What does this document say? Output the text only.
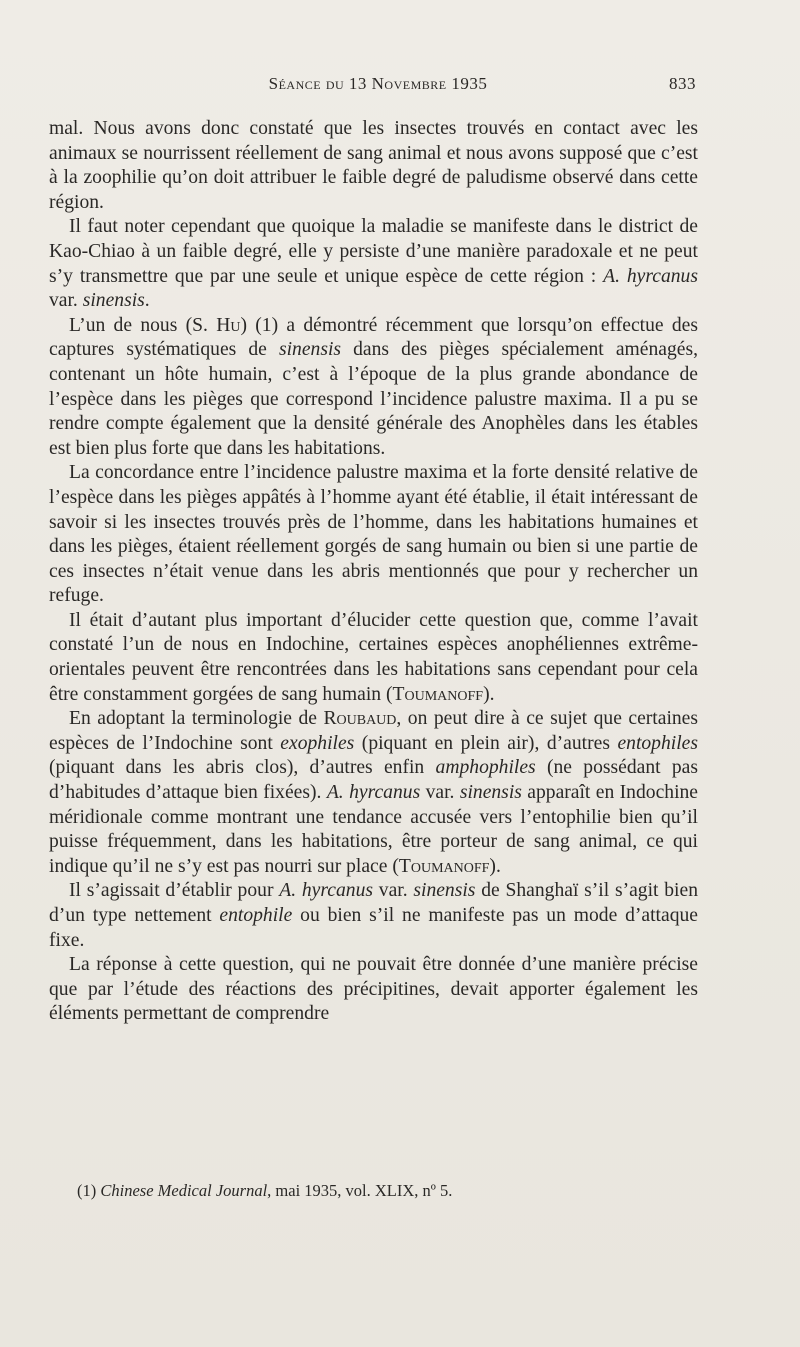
Séance du 13 Novembre 1935	833

mal. Nous avons donc constaté que les insectes trouvés en contact avec les animaux se nourrissent réellement de sang animal et nous avons supposé que c’est à la zoophilie qu’on doit attribuer le faible degré de paludisme observé dans cette région.

Il faut noter cependant que quoique la maladie se manifeste dans le district de Kao-Chiao à un faible degré, elle y persiste d’une manière paradoxale et ne peut s’y transmettre que par une seule et unique espèce de cette région : A. hyrcanus var. sinensis.

L’un de nous (S. Hu) (1) a démontré récemment que lorsqu’on effectue des captures systématiques de sinensis dans des pièges spécialement aménagés, contenant un hôte humain, c’est à l’époque de la plus grande abondance de l’espèce dans les pièges que correspond l’incidence palustre maxima. Il a pu se rendre compte également que la densité générale des Anophèles dans les étables est bien plus forte que dans les habitations.

La concordance entre l’incidence palustre maxima et la forte densité relative de l’espèce dans les pièges appâtés à l’homme ayant été établie, il était intéressant de savoir si les insectes trouvés près de l’homme, dans les habitations humaines et dans les pièges, étaient réellement gorgés de sang humain ou bien si une partie de ces insectes n’était venue dans les abris mentionnés que pour y rechercher un refuge.

Il était d’autant plus important d’élucider cette question que, comme l’avait constaté l’un de nous en Indochine, certaines espèces anophéliennes extrême-orientales peuvent être rencontrées dans les habitations sans cependant pour cela être constamment gorgées de sang humain (Toumanoff).

En adoptant la terminologie de Roubaud, on peut dire à ce sujet que certaines espèces de l’Indochine sont exophiles (piquant en plein air), d’autres entophiles (piquant dans les abris clos), d’autres enfin amphophiles (ne possédant pas d’habitudes d’attaque bien fixées). A. hyrcanus var. sinensis apparaît en Indochine méridionale comme montrant une tendance accusée vers l’entophilie bien qu’il puisse fréquemment, dans les habitations, être porteur de sang animal, ce qui indique qu’il ne s’y est pas nourri sur place (Toumanoff).

Il s’agissait d’établir pour A. hyrcanus var. sinensis de Shanghaï s’il s’agit bien d’un type nettement entophile ou bien s’il ne manifeste pas un mode d’attaque fixe.

La réponse à cette question, qui ne pouvait être donnée d’une manière précise que par l’étude des réactions des précipitines, devait apporter également les éléments permettant de comprendre

(1) Chinese Medical Journal, mai 1935, vol. XLIX, nº 5.
